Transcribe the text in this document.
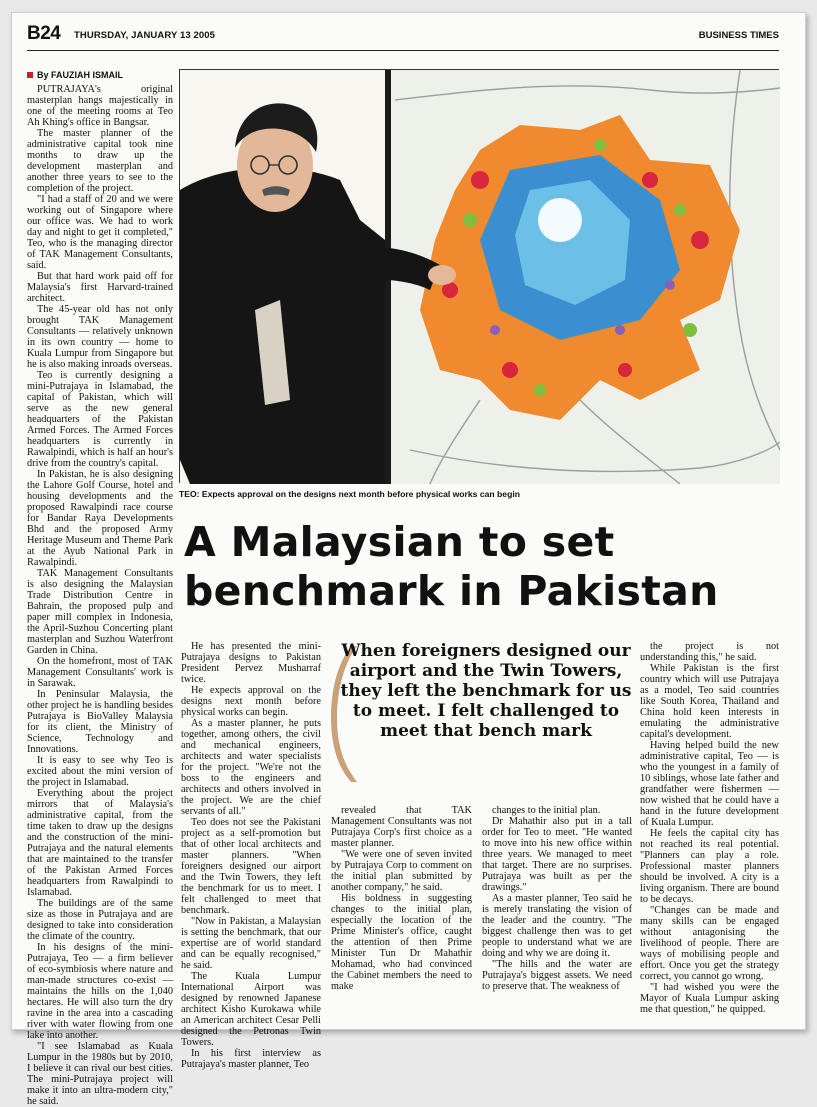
B24 THURSDAY, JANUARY 13 2005	BUSINESS TIMES
By FAUZIAH ISMAIL

PUTRAJAYA's original masterplan hangs majestically in one of the meeting rooms at Teo Ah Khing's office in Bangsar.

The master planner of the administrative capital took nine months to draw up the development masterplan and another three years to see to the completion of the project.

"I had a staff of 20 and we were working out of Singapore where our office was. We had to work day and night to get it completed," Teo, who is the managing director of TAK Management Consultants, said.

But that hard work paid off for Malaysia's first Harvard-trained architect.

The 45-year old has not only brought TAK Management Consultants — relatively unknown in its own country — home to Kuala Lumpur from Singapore but he is also making inroads overseas.

Teo is currently designing a mini-Putrajaya in Islamabad, the capital of Pakistan, which will serve as the new general headquarters of the Pakistan Armed Forces. The Armed Forces headquarters is currently in Rawalpindi, which is half an hour's drive from the country's capital.

In Pakistan, he is also designing the Lahore Golf Course, hotel and housing developments and the proposed Rawalpindi race course for Bandar Raya Developments Bhd and the proposed Army Heritage Museum and Theme Park at the Ayub National Park in Rawalpindi.

TAK Management Consultants is also designing the Malaysian Trade Distribution Centre in Bahrain, the proposed pulp and paper mill complex in Indonesia, the April-Suzhou Concerting plant masterplan and Suzhou Waterfront Garden in China.

On the homefront, most of TAK Management Consultants' work is in Sarawak.

In Peninsular Malaysia, the other project he is handling besides Putrajaya is BioValley Malaysia for its client, the Ministry of Science, Technology and Innovations.

It is easy to see why Teo is excited about the mini version of the project in Islamabad.

Everything about the project mirrors that of Malaysia's administrative capital, from the time taken to draw up the designs and the construction of the mini-Putrajaya and the natural elements that are maintained to the transfer of the Pakistan Armed Forces headquarters from Rawalpindi to Islamabad.

The buildings are of the same size as those in Putrajaya and are designed to take into consideration the climate of the country.

In his designs of the mini-Putrajaya, Teo — a firm believer of eco-symbiosis where nature and man-made structures co-exist — maintains the hills on the 1,040 hectares. He will also turn the dry ravine in the area into a cascading river with water flowing from one lake into another.

"I see Islamabad as Kuala Lumpur in the 1980s but by 2010, I believe it can rival our best cities. The mini-Putrajaya project will make it into an ultra-modern city," he said.

TEO: Expects approval on the designs next month before physical works can begin
A Malaysian to set
benchmark in Pakistan

He has presented the mini-Putrajaya designs to Pakistan President Pervez Musharraf twice.

He expects approval on the designs next month before physical works can begin.

As a master planner, he puts together, among others, the civil and mechanical engineers, architects and water specialists for the project. "We're not the boss to the engineers and architects and others involved in the project. We are the chief servants of all."

Teo does not see the Pakistani project as a self-promotion but that of other local architects and master planners. "When foreigners designed our airport and the Twin Towers, they left the benchmark for us to meet. I felt challenged to meet that benchmark.

"Now in Pakistan, a Malaysian is setting the benchmark, that our expertise are of world standard and can be equally recognised," he said.

The Kuala Lumpur International Airport was designed by renowned Japanese architect Kisho Kurokawa while an American architect Cesar Pelli designed the Petronas Twin Towers.

In his first interview as Putrajaya's master planner, Teo

When foreigners designed our airport and the Twin Towers, they left the benchmark for us to meet. I felt challenged to meet that bench mark

revealed that TAK Management Consultants was not Putrajaya Corp's first choice as a master planner.

"We were one of seven invited by Putrajaya Corp to comment on the initial plan submitted by another company," he said.

His boldness in suggesting changes to the initial plan, especially the location of the Prime Minister's office, caught the attention of then Prime Minister Tun Dr Mahathir Mohamad, who had convinced the Cabinet members the need to make

changes to the initial plan.

Dr Mahathir also put in a tall order for Teo to meet. "He wanted to move into his new office within three years. We managed to meet that target. There are no surprises. Putrajaya was built as per the drawings."

As a master planner, Teo said he is merely translating the vision of the leader and the country. "The biggest challenge then was to get people to understand what we are doing and why we are doing it.

"The hills and the water are Putrajaya's biggest assets. We need to preserve that. The weakness of

the project is not understanding this," he said.

While Pakistan is the first country which will use Putrajaya as a model, Teo said countries like South Korea, Thailand and China hold keen interests in emulating the administrative capital's development.

Having helped build the new administrative capital, Teo — is who the youngest in a family of 10 siblings, whose late father and grandfather were fishermen — now wished that he could have a hand in the future development of Kuala Lumpur.

He feels the capital city has not reached its real potential. "Planners can play a role. Professional master planners should be involved. A city is a living organism. There are bound to be decays.

"Changes can be made and many skills can be engaged without antagonising the livelihood of people. There are ways of mobilising people and effort. Once you get the strategy correct, you cannot go wrong.

"I had wished you were the Mayor of Kuala Lumpur asking me that question," he quipped.
